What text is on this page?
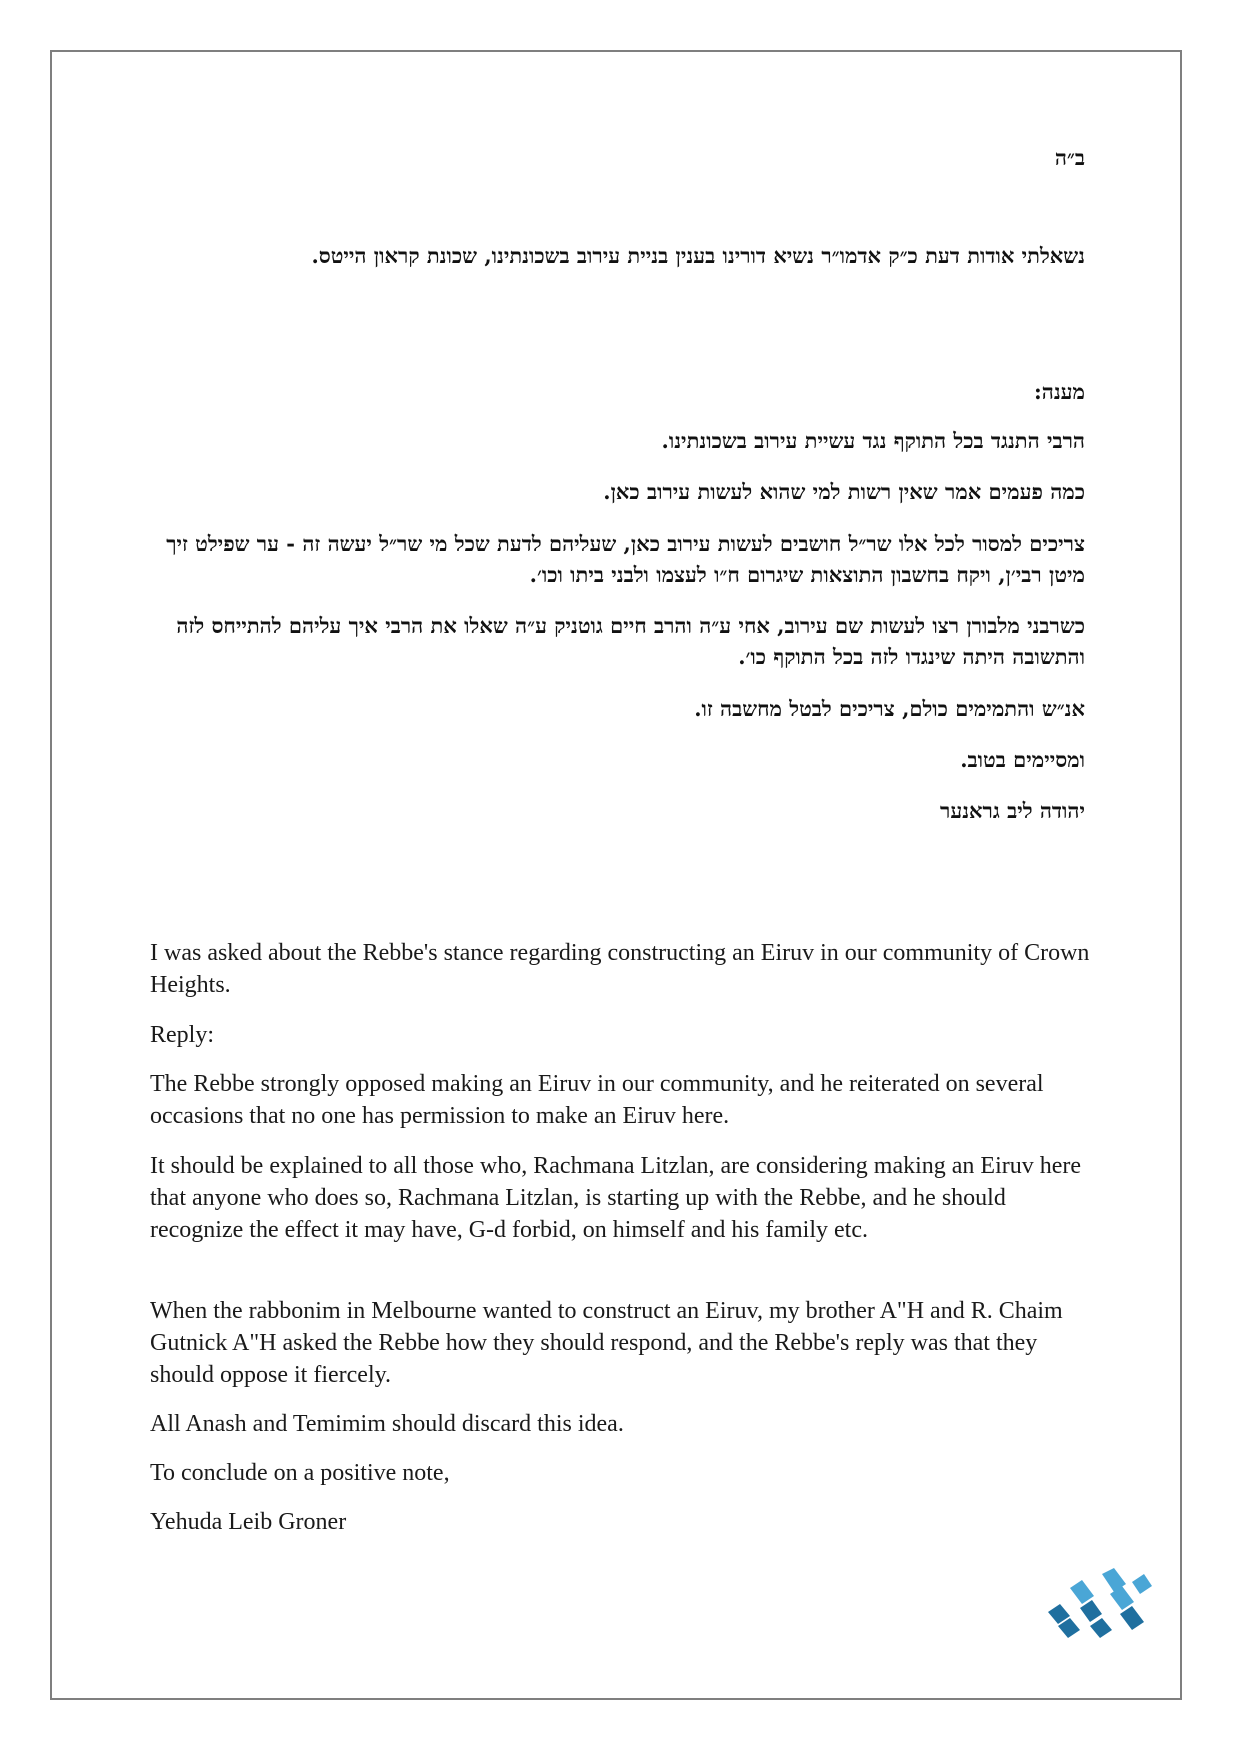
ב״ה

נשאלתי אודות דעת כ״ק אדמו״ר נשיא דורינו בענין בניית עירוב בשכונתינו, שכונת קראון הייטס.

מענה:

הרבי התנגד בכל התוקף נגד עשיית עירוב בשכונתינו.

כמה פעמים אמר שאין רשות למי שהוא לעשות עירוב כאן.

צריכים למסור לכל אלו שר״ל חושבים לעשות עירוב כאן, שעליהם לדעת שכל מי שר״ל יעשה זה - ער שפילט זיך מיטן רבי׳ן, ויקח בחשבון התוצאות שיגרום ח״ו לעצמו ולבני ביתו וכו׳.

כשרבני מלבורן רצו לעשות שם עירוב, אחי ע״ה והרב חיים גוטניק ע״ה שאלו את הרבי איך עליהם להתייחס לזה והתשובה היתה שינגדו לזה בכל התוקף כו׳.

אנ״ש והתמימים כולם, צריכים לבטל מחשבה זו.

ומסיימים בטוב.

יהודה ליב גראנער

I was asked about the Rebbe's stance regarding constructing an Eiruv in our community of Crown Heights.

Reply:

The Rebbe strongly opposed making an Eiruv in our community, and he reiterated on several occasions that no one has permission to make an Eiruv here.

It should be explained to all those who, Rachmana Litzlan, are considering making an Eiruv here that anyone who does so, Rachmana Litzlan, is starting up with the Rebbe, and he should recognize the effect it may have, G-d forbid, on himself and his family etc.

When the rabbonim in Melbourne wanted to construct an Eiruv, my brother A"H and R. Chaim Gutnick A"H asked the Rebbe how they should respond, and the Rebbe's reply was that they should oppose it fiercely.

All Anash and Temimim should discard this idea.

To conclude on a positive note,

Yehuda Leib Groner
